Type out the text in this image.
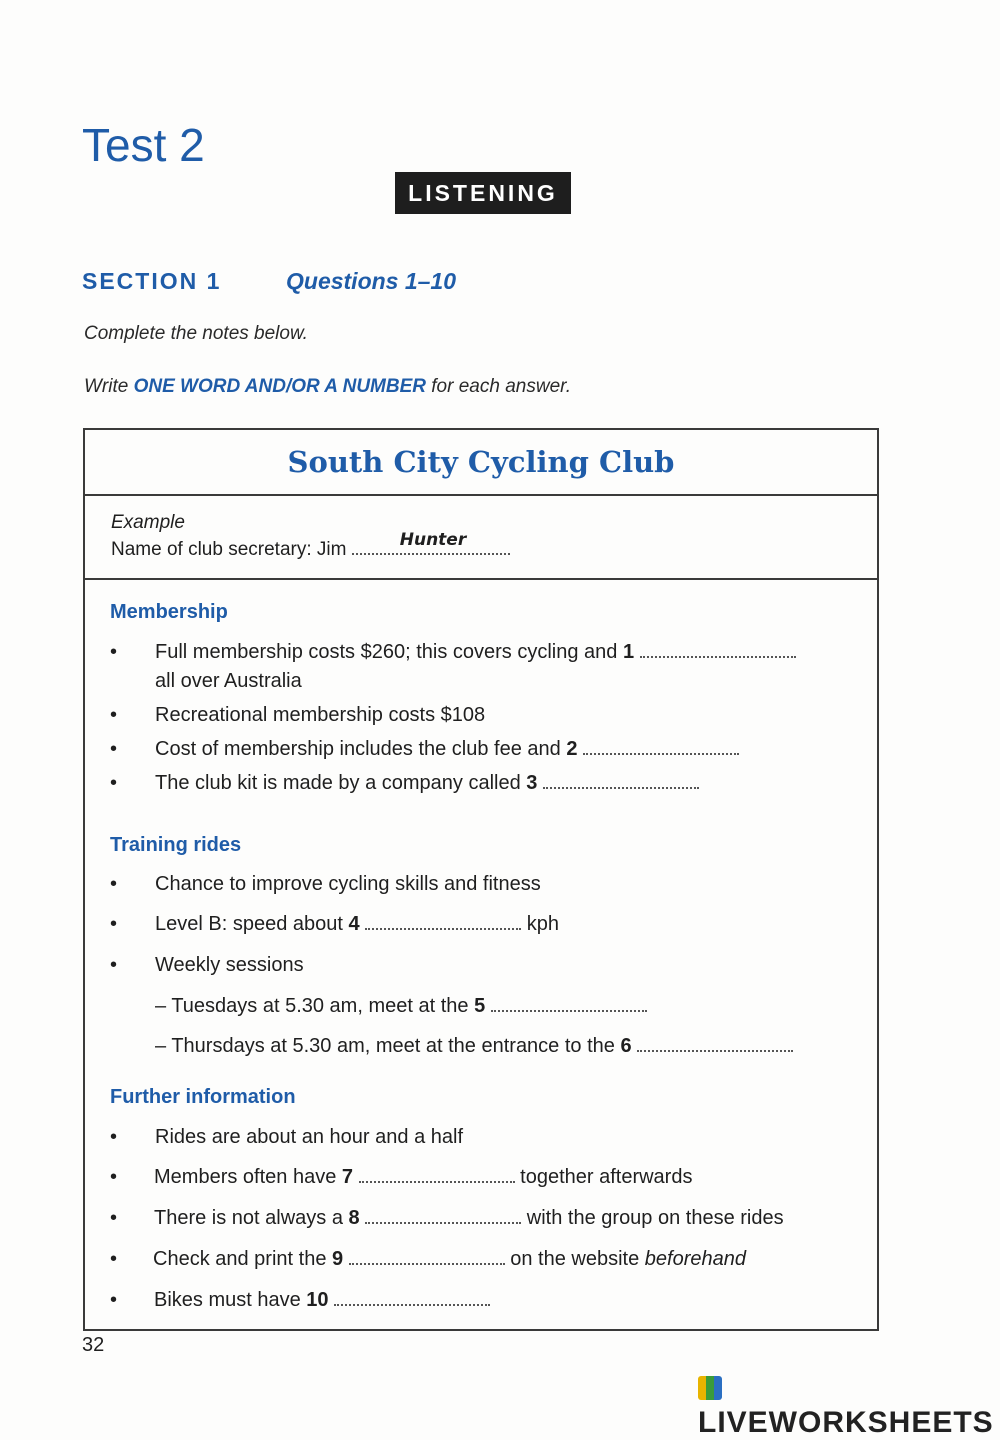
Test 2
LISTENING
SECTION 1	Questions 1–10
Complete the notes below.
Write ONE WORD AND/OR A NUMBER for each answer.
South City Cycling Club
Example
Name of club secretary: Jim	Hunter
Membership
• Full membership costs $260; this covers cycling and 1
all over Australia
• Recreational membership costs $108
• Cost of membership includes the club fee and 2
• The club kit is made by a company called 3
Training rides
• Chance to improve cycling skills and fitness
• Level B: speed about 4	kph
• Weekly sessions
– Tuesdays at 5.30 am, meet at the 5
– Thursdays at 5.30 am, meet at the entrance to the 6
Further information
• Rides are about an hour and a half
• Members often have 7	together afterwards
• There is not always a 8	with the group on these rides
• Check and print the 9	on the website beforehand
• Bikes must have 10
32
LIVEWORKSHEETS
